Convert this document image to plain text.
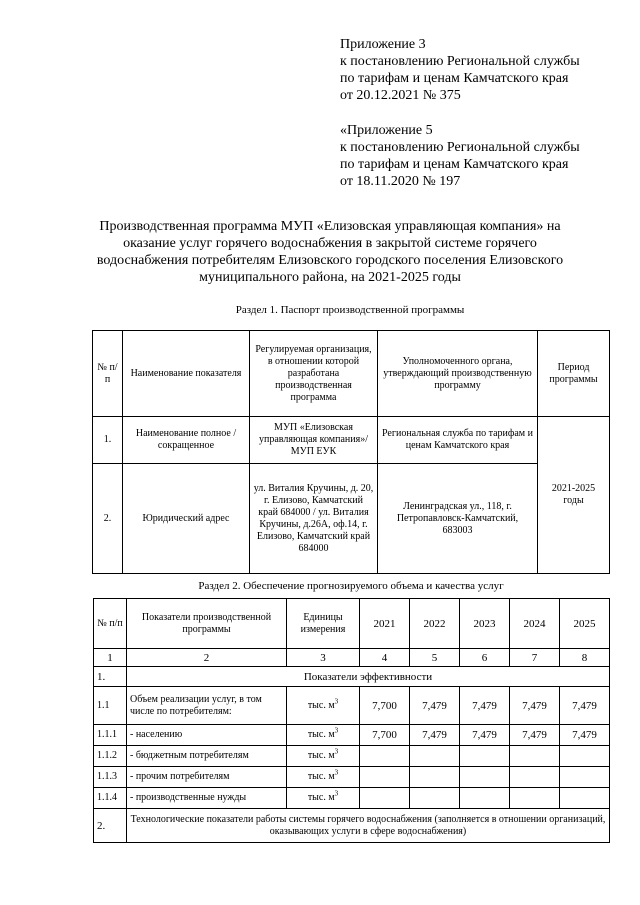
Приложение 3
к постановлению Региональной службы
по тарифам и ценам Камчатского края
от 20.12.2021 № 375
«Приложение 5
к постановлению Региональной службы
по тарифам и ценам Камчатского края
от 18.11.2020 № 197
Производственная программа МУП «Елизовская управляющая компания» на
оказание услуг горячего водоснабжения в закрытой системе горячего
водоснабжения потребителям Елизовского городского поселения Елизовского
муниципального района, на 2021-2025 годы
Раздел 1. Паспорт производственной программы
№ п/п	Наименование показателя	Регулируемая организация, в отношении которой разработана производственная программа	Уполномоченного органа, утверждающий производственную программу	Период программы
1.	Наименование полное / сокращенное	МУП «Елизовская управляющая компания»/ МУП ЕУК	Региональная служба по тарифам и ценам Камчатского края	2021-2025 годы
2.	Юридический адрес	ул. Виталия Кручины, д. 20, г. Елизово, Камчатский край 684000 / ул. Виталия Кручины, д.26А, оф.14, г. Елизово, Камчатский край 684000	Ленинградская ул., 118, г. Петропавловск-Камчатский, 683003	
Раздел 2. Обеспечение прогнозируемого объема и качества услуг
№ п/п	Показатели производственной программы	Единицы измерения	2021	2022	2023	2024	2025
1	2	3	4	5	6	7	8
1.	Показатели эффективности						
1.1	Объем реализации услуг, в том числе по потребителям:	тыс. $м^3$	7,700	7,479	7,479	7,479	7,479
1.1.1	- населению	тыс. $м^3$	7,700	7,479	7,479	7,479	7,479
1.1.2	- бюджетным потребителям	тыс. $м^3$					
1.1.3	- прочим потребителям	тыс. $м^3$					
1.1.4	- производственные нужды	тыс. $м^3$					
2.	Технологические показатели работы системы горячего водоснабжения (заполняется в отношении организаций, оказывающих услуги в сфере водоснабжения)						
